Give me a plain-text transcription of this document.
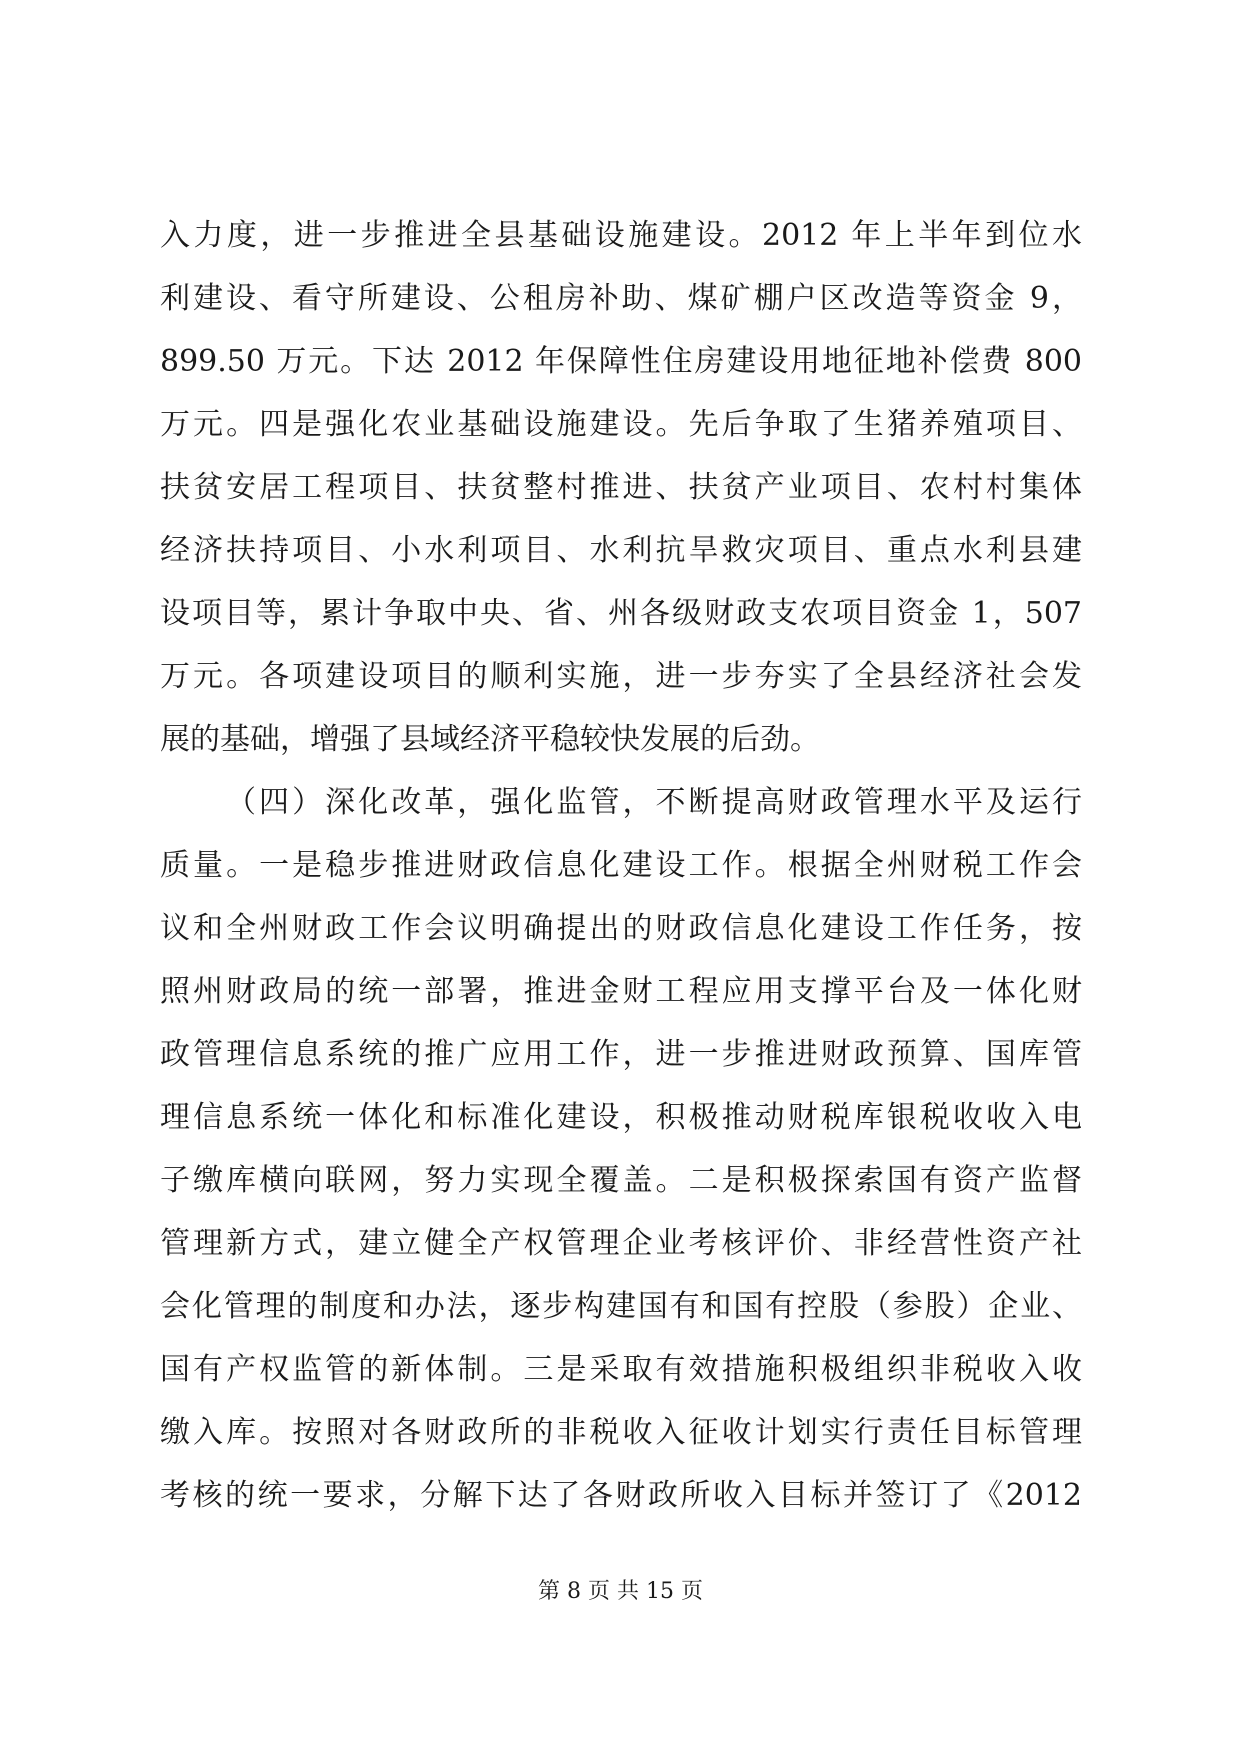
入力度，进一步推进全县基础设施建设。2012 年上半年到位水
利建设、看守所建设、公租房补助、煤矿棚户区改造等资金 9，
899.50 万元。下达 2012 年保障性住房建设用地征地补偿费 800
万元。四是强化农业基础设施建设。先后争取了生猪养殖项目、
扶贫安居工程项目、扶贫整村推进、扶贫产业项目、农村村集体
经济扶持项目、小水利项目、水利抗旱救灾项目、重点水利县建
设项目等，累计争取中央、省、州各级财政支农项目资金 1，507
万元。各项建设项目的顺利实施，进一步夯实了全县经济社会发
展的基础，增强了县域经济平稳较快发展的后劲。
（四）深化改革，强化监管，不断提高财政管理水平及运行
质量。一是稳步推进财政信息化建设工作。根据全州财税工作会
议和全州财政工作会议明确提出的财政信息化建设工作任务，按
照州财政局的统一部署，推进金财工程应用支撑平台及一体化财
政管理信息系统的推广应用工作，进一步推进财政预算、国库管
理信息系统一体化和标准化建设，积极推动财税库银税收收入电
子缴库横向联网，努力实现全覆盖。二是积极探索国有资产监督
管理新方式，建立健全产权管理企业考核评价、非经营性资产社
会化管理的制度和办法，逐步构建国有和国有控股（参股）企业、
国有产权监管的新体制。三是采取有效措施积极组织非税收入收
缴入库。按照对各财政所的非税收入征收计划实行责任目标管理
考核的统一要求，分解下达了各财政所收入目标并签订了《2012
第 8 页 共 15 页
